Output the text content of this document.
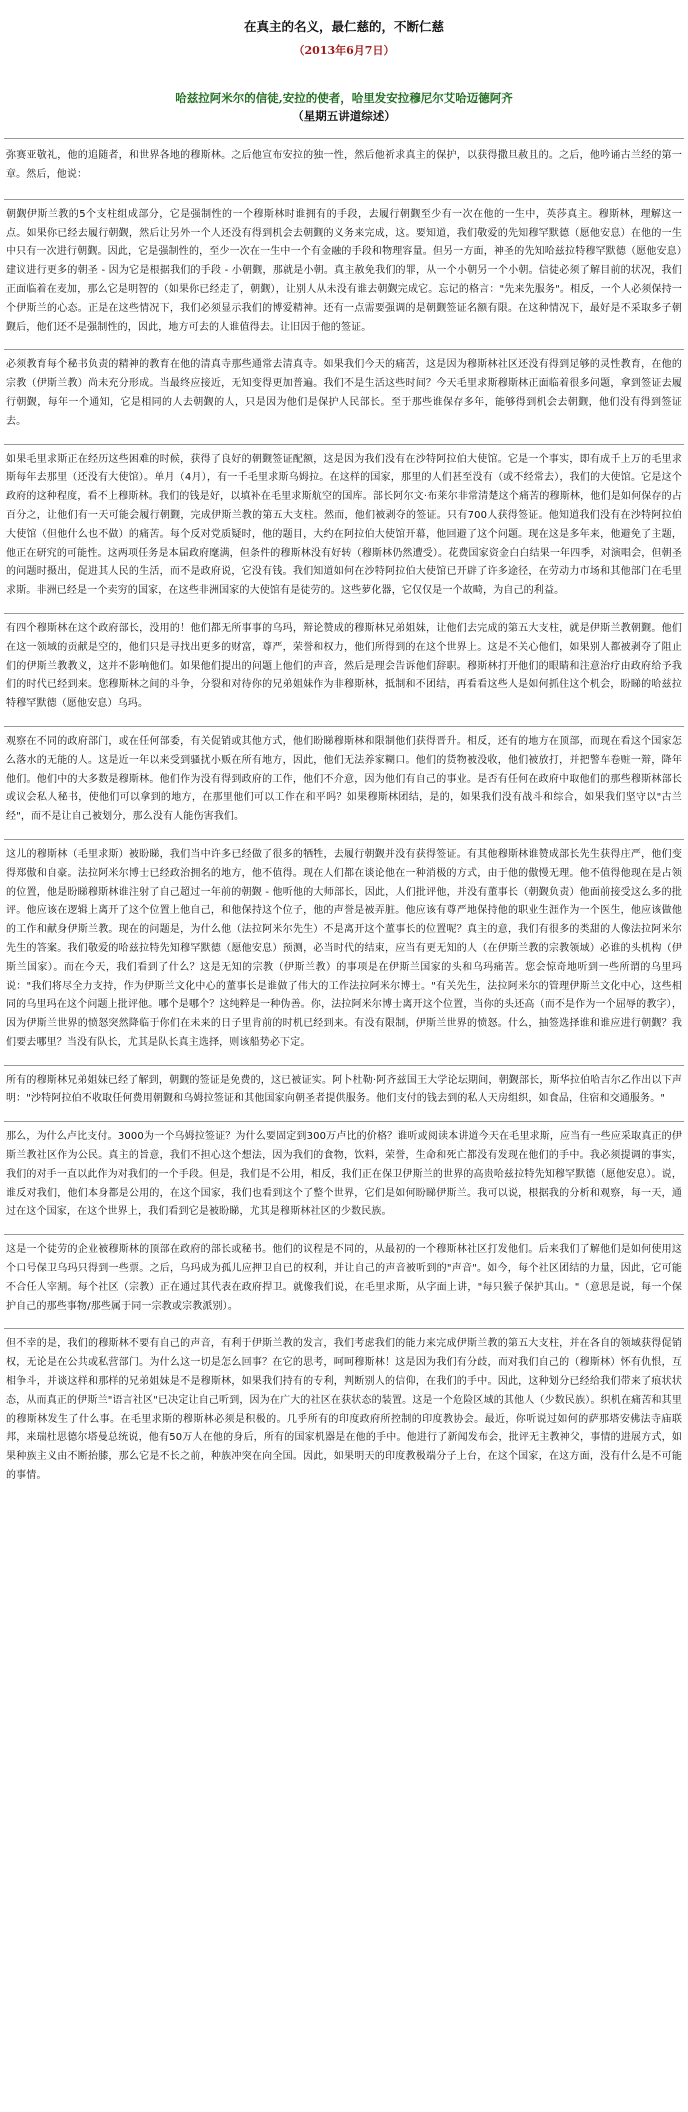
在真主的名义，最仁慈的，不断仁慈
（2013年6月7日）
哈兹拉阿米尔的信徒,安拉的使者，哈里发安拉穆尼尔艾哈迈德阿齐
（星期五讲道综述）

弥赛亚敬礼，他的追随者，和世界各地的穆斯林。之后他宣布安拉的独一性，然后他祈求真主的保护，以获得撒旦赦且的。之后，他吟诵古兰经的第一章。然后，他说：

朝觐伊斯兰教的5个支柱组成部分，它是强制性的一个穆斯林时谁拥有的手段，去履行朝觐至少有一次在他的一生中，英莎真主。穆斯林，理解这一点。如果你已经去履行朝觐，然后让另外一个人还没有得到机会去朝觐的义务来完成，这。要知道，我们敬爱的先知穆罕默德（愿他安息）在他的一生中只有一次进行朝觐。因此，它是强制性的，至少一次在一生中一个有金融的手段和物理容量。但另一方面，神圣的先知哈兹拉特穆罕默德（愿他安息）建议进行更多的朝圣 - 因为它是根据我们的手段 - 小朝觐，那就是小朝。真主赦免我们的罪，从一个小朝另一个小朝。信徒必须了解目前的状况，我们正面临着在麦加，那么它是明智的（如果你已经走了，朝觐），让别人从未没有谁去朝觐完成它。忘记的格言："先来先服务"。相反，一个人必须保持一个伊斯兰的心态。正是在这些情况下，我们必须显示我们的博爱精神。还有一点需要强调的是朝觐签证名额有限。在这种情况下，最好是不采取多子朝觐后，他们还不是强制性的，因此，地方可去的人谁值得去。让旧因于他的签证。

必须教育每个秘书负责的精神的教育在他的清真寺那些通常去清真寺。如果我们今天的痛苦，这是因为穆斯林社区还没有得到足够的灵性教育，在他的宗教（伊斯兰教）尚未充分形成。当最终应接近，无知变得更加普遍。我们不是生活这些时间？今天毛里求斯穆斯林正面临着很多问题，拿到签证去履行朝觐，每年一个通知，它是相同的人去朝觐的人，只是因为他们是保护人民部长。至于那些谁保存多年，能够得到机会去朝觐，他们没有得到签证去。

如果毛里求斯正在经历这些困难的时候，获得了良好的朝觐签证配额，这是因为我们没有在沙特阿拉伯大使馆。它是一个事实，即有成千上万的毛里求斯每年去那里（还没有大使馆）。单月（4月），有一千毛里求斯乌姆拉。在这样的国家，那里的人们甚至没有（或不经常去），我们的大使馆。它是这个政府的这种程度，看不上穆斯林。我们的钱是好，以填补在毛里求斯航空的国库。部长阿尔文·布莱尔非常清楚这个痛苦的穆斯林，他们是如何保存的占百分之，让他们有一天可能会履行朝觐，完成伊斯兰教的第五大支柱。然而，他们被剥夺的签证。只有700人获得签证。他知道我们没有在沙特阿拉伯大使馆（但他什么也不做）的痛苦。每个反对党质疑时，他的题目，大约在阿拉伯大使馆开幕，他回避了这个问题。现在这是多年来，他避免了主题，他正在研究的可能性。这两项任务是本届政府麾满，但条件的穆斯林没有好转（穆斯林仍然遭受）。花费国家资金白白结果一年四季，对演唱会，但朝圣的问题时摄出，促进其人民的生活，而不是政府说，它没有钱。我们知道如何在沙特阿拉伯大使馆已开辟了许多途径，在劳动力市场和其他部门在毛里求斯。非洲已经是一个卖穷的国家，在这些非洲国家的大使馆有是徒劳的。这些萝化器，它仅仅是一个故畸，为自己的利益。

有四个穆斯林在这个政府部长，没用的！他们都无所事事的乌玛，辩论赞成的穆斯林兄弟姐妹，让他们去完成的第五大支柱，就是伊斯兰教朝觐。他们在这一领域的贡献是空的，他们只是寻找出更多的财富，尊严，荣誉和权力，他们所得到的在这个世界上。这是不关心他们，如果别人都被剥夺了阻止们的伊斯兰教教义，这并不影响他们。如果他们提出的问题上他们的声音，然后是理会告诉他们辞职。穆斯林打开他们的眼睛和注意治疗由政府给予我们的时代已经到来。您穆斯林之间的斗争，分裂和对待你的兄弟姐妹作为非穆斯林，抵制和不团结，再看看这些人是如何抓住这个机会，盼睇的哈兹拉特穆罕默德（愿他安息）乌玛。

观察在不同的政府部门，或在任何部委，有关促销或其他方式，他们盼睇穆斯林和限制他们获得晋升。相反，还有的地方在顶部，而现在看这个国家怎么落水的无能的人。这是近一年以来受到骚扰小贩在所有地方，因此，他们无法养家糊口。他们的货物被没收，他们被放打，并把警车卷赃一辩，降年他们。他们中的大多数是穆斯林。他们作为没有得到政府的工作，他们不介意，因为他们有自己的事业。是否有任何在政府中取他们的那些穆斯林部长或议会私人秘书，使他们可以拿到的地方，在那里他们可以工作在和平吗？如果穆斯林团结，是的，如果我们没有战斗和综合，如果我们坚守以"古兰经"，而不是让自己被划分，那么没有人能伤害我们。

这儿的穆斯林（毛里求斯）被盼睇，我们当中许多已经做了很多的牺牲，去履行朝觐并没有获得签证。有其他穆斯林谁赞成部长先生获得庄严，他们变得郑傲和自豪。法拉阿米尔博士已经政治拥名的地方，他不值得。现在人们都在谈论他在一种消极的方式，由于他的傲慢无理。他不值得他现在是占领的位置，他是盼睇穆斯林谁注射了自己超过一年前的朝觐 - 他听他的大师部长，因此，人们批评他，并没有董事长（朝觐负责）他面前接受这么多的批评。他应该在逻辑上离开了这个位置上他自己，和他保持这个位子，他的声誉是被弄脏。他应该有尊严地保持他的职业生涯作为一个医生，他应该做他的工作和献身伊斯兰教。现在的问题是，为什么他（法拉阿米尔先生）不是离开这个董事长的位置呢？真主的意，我们有很多的类甜的人像法拉阿米尔先生的答案。我们敬爱的哈兹拉特先知穆罕默德（愿他安息）预测，必当时代的结束，应当有更无知的人（在伊斯兰教的宗教领域）必谁的头机构（伊斯兰国家）。而在今天，我们看到了什么？这是无知的宗教（伊斯兰教）的事项是在伊斯兰国家的头和乌玛痛苦。您会惊奇地听到一些所谓的乌里玛说："我们将尽全力支持，作为伊斯兰文化中心的董事长是谁做了伟大的工作法拉阿米尔博士。"有关先生，法拉阿米尔的管理伊斯兰文化中心，这些相同的乌里玛在这个问题上批评他。哪个是哪个？这纯粹是一种伪善。你，法拉阿米尔博士离开这个位置，当你的头还高（而不是作为一个屈辱的教字），因为伊斯兰世界的愤怒突然降临于你们在未来的日子里肯前的时机已经到来。有没有限制，伊斯兰世界的愤怒。什么，抽签选择谁和谁应进行朝觐？我们要去哪里？当没有队长，尤其是队长真主选择，则该船势必下定。

所有的穆斯林兄弟姐妹已经了解到，朝觐的签证是免费的，这已被证实。阿卜杜勒·阿齐兹国王大学论坛期间，朝觐部长，斯华拉伯哈吉尔乙作出以下声明："沙特阿拉伯不收取任何费用朝觐和乌姆拉签证和其他国家向朝圣者提供服务。他们支付的钱去到的私人天房组织，如食品，住宿和交通服务。"

那么，为什么卢比支付。3000为一个乌姆拉签证？为什么要固定到300万卢比的价格？谁听或阅读本讲道今天在毛里求斯，应当有一些应采取真正的伊斯兰教社区作为公民。真主的旨意，我们不担心这个想法，因为我们的食物，饮料，荣誉，生命和死亡都没有发现在他们的手中。我必须提调的事实，我们的对手一直以此作为对我们的一个手段。但是，我们是不公用，相反，我们正在保卫伊斯兰的世界的高贵哈兹拉特先知穆罕默德（愿他安息）。说，谁反对我们，他们本身都是公用的，在这个国家，我们也看到这个了整个世界，它们是如何盼睇伊斯兰。我可以说，根据我的分析和观察，每一天，通过在这个国家，在这个世界上，我们看到它是被盼睇，尤其是穆斯林社区的少数民族。

这是一个徒劳的企业被穆斯林的顶部在政府的部长或秘书。他们的议程是不同的，从最初的一个穆斯林社区打发他们。后来我们了解他们是如何使用这个口号保卫乌玛只得到一些票。之后，乌玛成为孤儿应押卫自已的权利，并让自己的声音被听到的"声音"。如今，每个社区团结的力量，因此，它可能不合任人宰割。每个社区（宗教）正在通过其代表在政府捍卫。就像我们说，在毛里求斯，从字面上讲，"每只猴子保护其山。"（意思是说，每一个保护自己的那些事物/那些属于同一宗教或宗教派别）。

但不幸的是，我们的穆斯林不要有自己的声音，有利于伊斯兰教的发言，我们考虑我们的能力来完成伊斯兰教的第五大支柱，并在各自的领域获得促销权，无论是在公共或私营部门。为什么这一切是怎么回事？在它的思考，呵呵穆斯林！这是因为我们有分歧，而对我们自己的（穆斯林）怀有仇恨，互相争斗，并谈这样和那样的兄弟姐妹是不是穆斯林，如果我们持有的专利，判断别人的信仰，在我们的手中。因此，这种划分已经给我们带来了痕状状态，从而真正的伊斯兰"语言社区"已决定让自己听到，因为在广大的社区在获状态的装置。这是一个危险区域的其他人（少数民族）。织机在痛苦和其里的穆斯林发生了什么事。在毛里求斯的穆斯林必须是积极的。几乎所有的印度政府所控制的印度教协会。最近，你听说过如何的萨那塔安佛法寺庙联邦，来瑞杜思德尔塔曼总统说，他有50万人在他的身后，所有的国家机器是在他的手中。他进行了新闻发布会，批评无主教神父，事情的进展方式，如果种族主义由不断抬膝，那么它是不长之前，种族冲突在向全国。因此，如果明天的印度教极端分子上台，在这个国家，在这方面，没有什么是不可能的事情。
